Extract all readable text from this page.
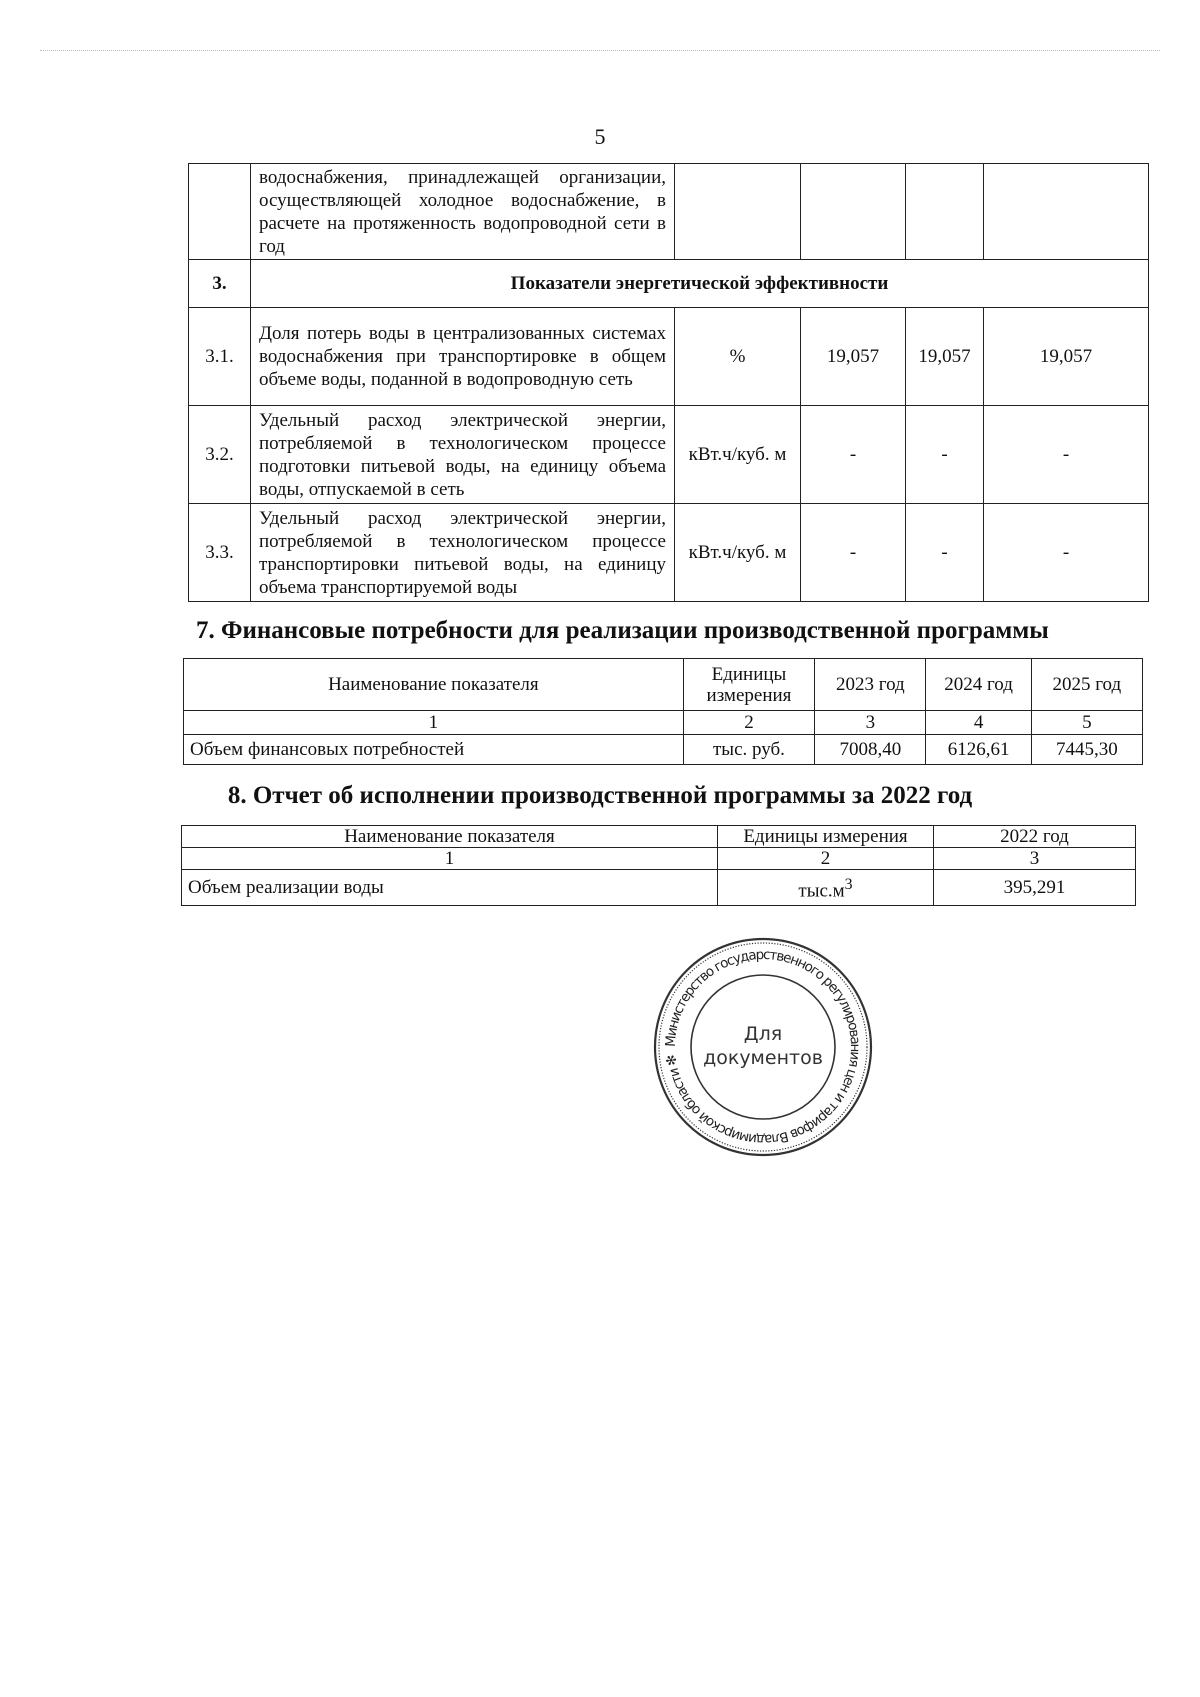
5
	водоснабжения, принадлежащей организации, осуществляющей холодное водоснабжение, в расчете на протяженность водопроводной сети в год				
3.	Показатели энергетической эффективности				
3.1.	Доля потерь воды в централизованных системах водоснабжения при транспортировке в общем объеме воды, поданной в водопроводную сеть	%	19,057	19,057	19,057
3.2.	Удельный расход электрической энергии, потребляемой в технологическом процессе подготовки питьевой воды, на единицу объема воды, отпускаемой в сеть	кВт.ч/куб. м	-	-	-
3.3.	Удельный расход электрической энергии, потребляемой в технологическом процессе транспортировки питьевой воды, на единицу объема транспортируемой воды	кВт.ч/куб. м	-	-	-
7. Финансовые потребности для реализации производственной программы
Наименование показателя	Единицы измерения	2023 год	2024 год	2025 год
1	2	3	4	5
Объем финансовых потребностей	тыс. руб.	7008,40	6126,61	7445,30
8. Отчет об исполнении производственной программы за 2022 год
Наименование показателя	Единицы измерения	2022 год
1	2	3
Объем реализации воды	$тыс.м^3$	395,291
Министерство государственного регулирования цен и тарифов Владимирской области ✻
Для
документов
